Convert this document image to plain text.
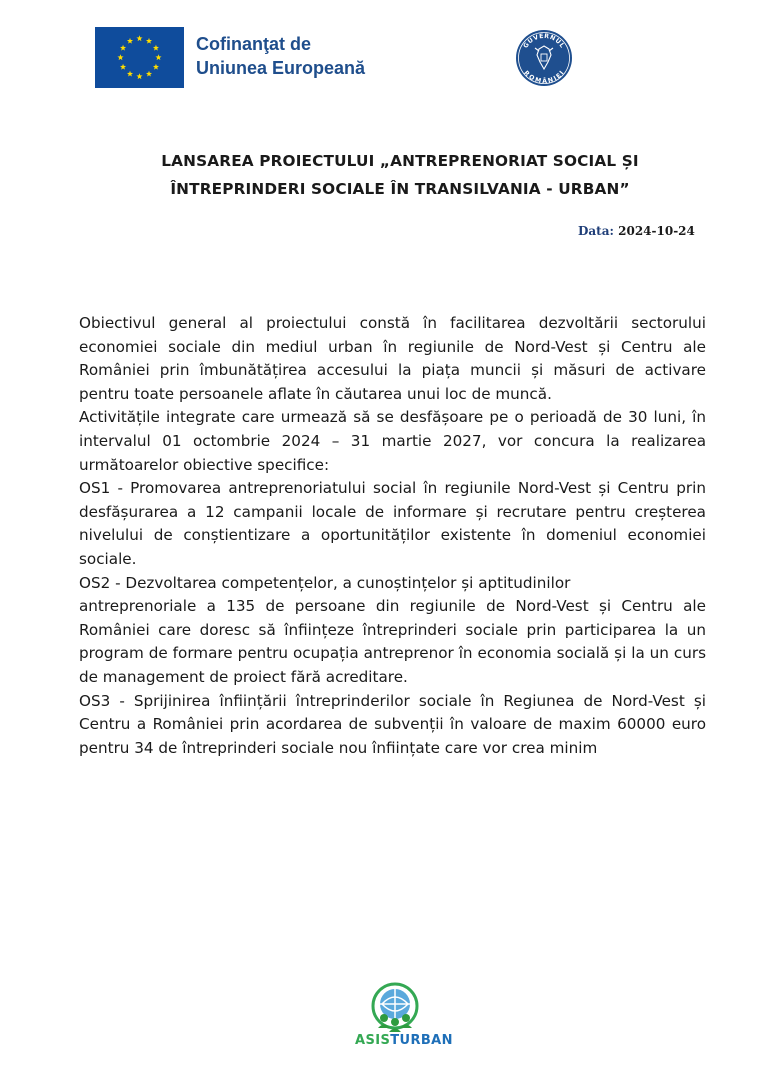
Cofinanţat de
Uniunea Europeană
GUVERNUL
ROMÂNIEI
LANSAREA PROIECTULUI „ANTREPRENORIAT SOCIAL ȘI
ÎNTREPRINDERI SOCIALE ÎN TRANSILVANIA - URBAN”
Data: 2024-10-24

Obiectivul general al proiectului constă în facilitarea dezvoltării sectorului economiei sociale din mediul urban în regiunile de Nord-Vest și Centru ale României prin îmbunătățirea accesului la piața muncii și măsuri de activare pentru toate persoanele aflate în căutarea unui loc de muncă.

Activitățile integrate care urmează să se desfășoare pe o perioadă de 30 luni, în intervalul 01 octombrie 2024 – 31 martie 2027, vor concura la realizarea următoarelor obiective specifice:

OS1 - Promovarea antreprenoriatului social în regiunile Nord-Vest și Centru prin desfășurarea a 12 campanii locale de informare și recrutare pentru creșterea nivelului de conștientizare a oportunităților existente în domeniul economiei sociale.

OS2 - Dezvoltarea competențelor, a cunoștințelor și aptitudinilor

antreprenoriale a 135 de persoane din regiunile de Nord-Vest și Centru ale României care doresc să înființeze întreprinderi sociale prin participarea la un program de formare pentru ocupația antreprenor în economia socială și la un curs de management de proiect fără acreditare.

OS3 - Sprijinirea înființării întreprinderilor sociale în Regiunea de Nord-Vest și Centru a României prin acordarea de subvenții în valoare de maxim 60000 euro pentru 34 de întreprinderi sociale nou înființate care vor crea minim

ASISTURBAN
